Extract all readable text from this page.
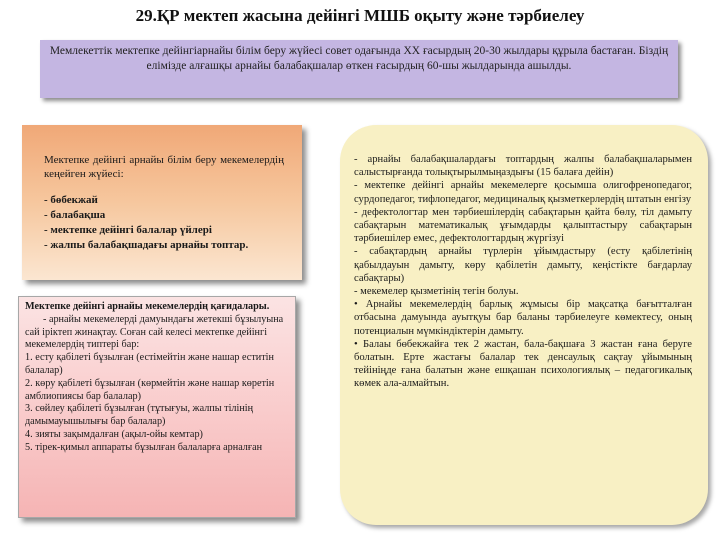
29.ҚР мектеп жасына дейінгі МШБ оқыту және тәрбиелеу
Мемлекеттік мектепке дейінгіарнайы білім беру жүйесі совет одағында XX ғасырдың 20-30 жылдары құрыла бастаған. Біздің елімізде алғашқы арнайы балабақшалар өткен ғасырдың 60-шы жылдарында ашылды.
Мектепке дейінгі арнайы білім беру мекемелердің кеңейген жүйесі:
- бөбекжай
- балабақша
- мектепке дейінгі балалар үйлері
- жалпы балабақшадағы арнайы топтар.
Мектепке дейінгі арнайы мекемелердің қағидалары.
- арнайы мекемелерді дамуындағы жетекші бұзылуына сай іріктеп жинақтау. Соған сай келесі мектепке дейінгі мекемелердің типтері бар:
1. есту қабілеті бұзылған (естімейтін және нашар еститін балалар)
2. көру қабілеті бұзылған (көрмейтін және нашар көретін амблиопиясы бар балалар)
3. сөйлеу қабілеті бұзылған (тұтығуы, жалпы тілінің дамымауышылығы бар балалар)
4. зияты зақымдалған (ақыл-ойы кемтар)
5. тірек-қимыл аппараты бұзылған балаларға арналған
- арнайы балабақшалардағы топтардың жалпы балабақшаларымен салыстырғанда толықтырылмыңаздығы (15 балаға дейін)
- мектепке дейінгі арнайы мекемелерге қосымша олигофренопедагог, сурдопедагог, тифлопедагог, медициналық қызметкерлердің штатын енгізу
- дефектологтар мен тәрбиешілердің сабақтарын қайта бөлу, тіл дамыту сабақтарын математикалық ұғымдарды қалыптастыру сабақтарын тәрбиешілер емес, дефектологтардың жүргізуі
- сабақтардың арнайы түрлерін ұйымдастыру (есту қабілетінің қабылдауын дамыту, көру қабілетін дамыту, кеңістікте бағдарлау сабақтары)
- мекемелер қызметінің тегін болуы.
• Арнайы мекемелердің барлық жұмысы бір мақсатқа бағытталған отбасына дамуында ауытқуы бар баланы тәрбиелеуге көмектесу, оның потенциалын мүмкіндіктерін дамыту.
• Балаы бөбекжайға тек 2 жастан, бала-бақшаға 3 жастан ғана беруге болатын. Ерте жастағы балалар тек денсаулық сақтау ұйымының тейініңде ғана балатын және ешқашан психологиялық – педагогикалық көмек ала-алмайтын.
